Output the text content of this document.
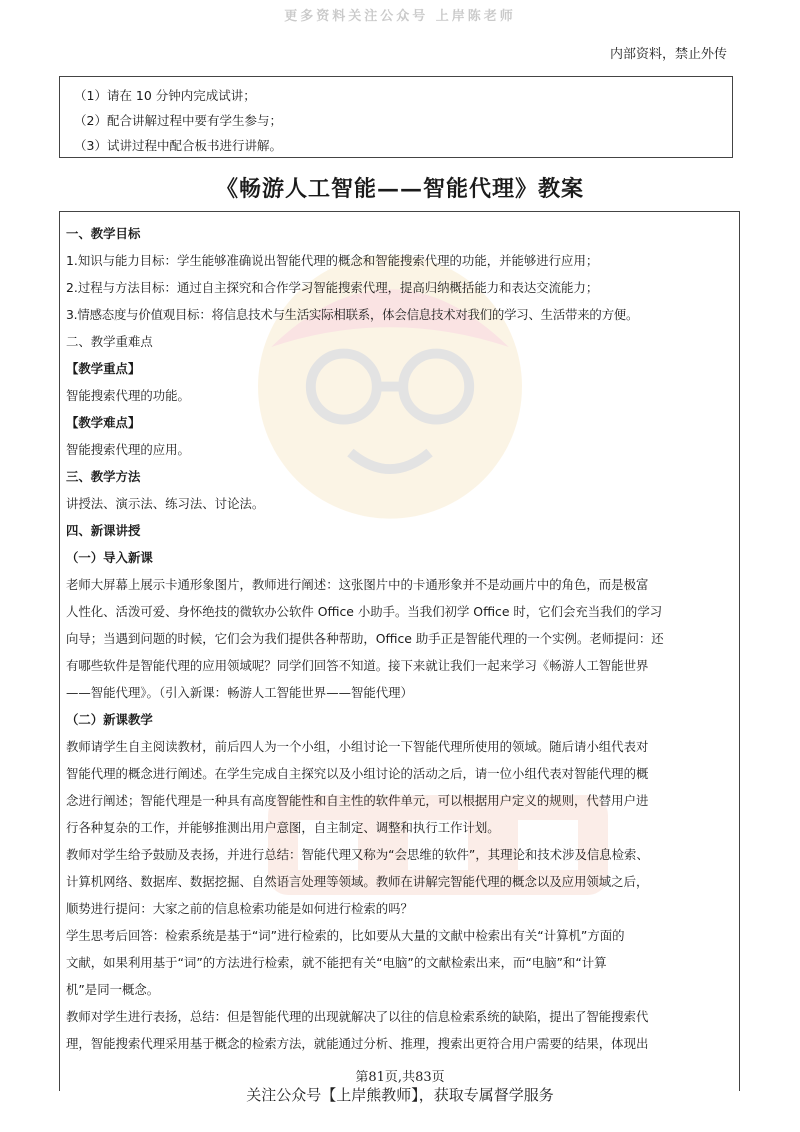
更多资料关注公众号 上岸陈老师
内部资料，禁止外传
（1）请在 10 分钟内完成试讲；
（2）配合讲解过程中要有学生参与；
（3）试讲过程中配合板书进行讲解。
《畅游人工智能——智能代理》教案
一、教学目标
1.知识与能力目标：学生能够准确说出智能代理的概念和智能搜索代理的功能，并能够进行应用；
2.过程与方法目标：通过自主探究和合作学习智能搜索代理，提高归纳概括能力和表达交流能力；
3.情感态度与价值观目标：将信息技术与生活实际相联系，体会信息技术对我们的学习、生活带来的方便。
二、教学重难点
【教学重点】
智能搜索代理的功能。
【教学难点】
智能搜索代理的应用。
三、教学方法
讲授法、演示法、练习法、讨论法。
四、新课讲授
（一）导入新课
老师大屏幕上展示卡通形象图片，教师进行阐述：这张图片中的卡通形象并不是动画片中的角色，而是极富
人性化、活泼可爱、身怀绝技的微软办公软件 Office 小助手。当我们初学 Office 时，它们会充当我们的学习
向导；当遇到问题的时候，它们会为我们提供各种帮助，Office 助手正是智能代理的一个实例。老师提问：还
有哪些软件是智能代理的应用领域呢？同学们回答不知道。接下来就让我们一起来学习《畅游人工智能世界
——智能代理》。（引入新课：畅游人工智能世界——智能代理）
（二）新课教学
教师请学生自主阅读教材，前后四人为一个小组，小组讨论一下智能代理所使用的领域。随后请小组代表对
智能代理的概念进行阐述。在学生完成自主探究以及小组讨论的活动之后，请一位小组代表对智能代理的概
念进行阐述；智能代理是一种具有高度智能性和自主性的软件单元，可以根据用户定义的规则，代替用户进
行各种复杂的工作，并能够推测出用户意图，自主制定、调整和执行工作计划。
教师对学生给予鼓励及表扬，并进行总结：智能代理又称为“会思维的软件”，其理论和技术涉及信息检索、
计算机网络、数据库、数据挖掘、自然语言处理等领域。教师在讲解完智能代理的概念以及应用领域之后，
顺势进行提问：大家之前的信息检索功能是如何进行检索的吗？
学生思考后回答：检索系统是基于“词”进行检索的，比如要从大量的文献中检索出有关“计算机”方面的
文献，如果利用基于“词”的方法进行检索，就不能把有关“电脑”的文献检索出来，而“电脑”和“计算
机”是同一概念。
教师对学生进行表扬，总结：但是智能代理的出现就解决了以往的信息检索系统的缺陷，提出了智能搜索代
理，智能搜索代理采用基于概念的检索方法，就能通过分析、推理，搜索出更符合用户需要的结果，体现出
第81页,共83页
关注公众号【上岸熊教师】，获取专属督学服务
